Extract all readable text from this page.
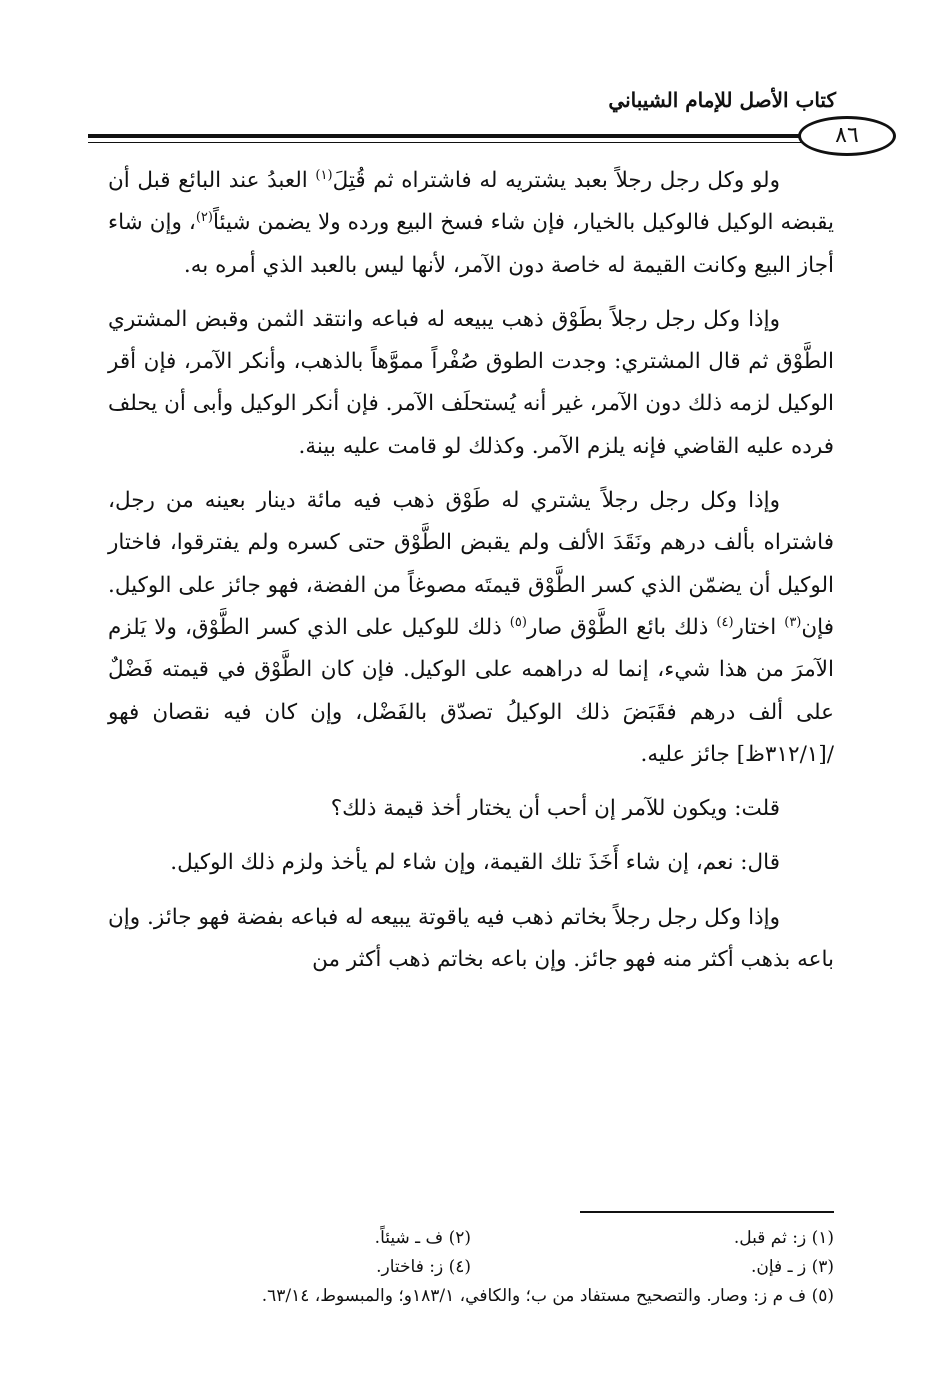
كتاب الأصل للإمام الشيباني
٨٦

ولو وكل رجل رجلاً بعبد يشتريه له فاشتراه ثم قُتِلَ$^{(١)}$ العبدُ عند البائع قبل أن يقبضه الوكيل فالوكيل بالخيار، فإن شاء فسخ البيع ورده ولا يضمن شيئاً$^{(٢)}$، وإن شاء أجاز البيع وكانت القيمة له خاصة دون الآمر، لأنها ليس بالعبد الذي أمره به.

وإذا وكل رجل رجلاً بطَوْق ذهب يبيعه له فباعه وانتقد الثمن وقبض المشتري الطَّوْق ثم قال المشتري: وجدت الطوق صُفْراً مموَّهاً بالذهب، وأنكر الآمر، فإن أقر الوكيل لزمه ذلك دون الآمر، غير أنه يُستحلَف الآمر. فإن أنكر الوكيل وأبى أن يحلف فرده عليه القاضي فإنه يلزم الآمر. وكذلك لو قامت عليه بينة.

وإذا وكل رجل رجلاً يشتري له طَوْق ذهب فيه مائة دينار بعينه من رجل، فاشتراه بألف درهم ونَقَدَ الألف ولم يقبض الطَّوْق حتى كسره ولم يفترقوا، فاختار الوكيل أن يضمّن الذي كسر الطَّوْق قيمتَه مصوغاً من الفضة، فهو جائز على الوكيل. فإن$^{(٣)}$ اختار$^{(٤)}$ ذلك بائع الطَّوْق صار$^{(٥)}$ ذلك للوكيل على الذي كسر الطَّوْق، ولا يَلزم الآمرَ من هذا شيء، إنما له دراهمه على الوكيل. فإن كان الطَّوْق في قيمته فَضْلٌ على ألف درهم فقَبَضَ ذلك الوكيلُ تصدّق بالفَضْل، وإن كان فيه نقصان فهو /[٣١٢/١ظ] جائز عليه.

قلت: ويكون للآمر إن أحب أن يختار أخذ قيمة ذلك؟

قال: نعم، إن شاء أَخَذَ تلك القيمة، وإن شاء لم يأخذ ولزم ذلك الوكيل.

وإذا وكل رجل رجلاً بخاتم ذهب فيه ياقوتة يبيعه له فباعه بفضة فهو جائز. وإن باعه بذهب أكثر منه فهو جائز. وإن باعه بخاتم ذهب أكثر من

(١) ز: ثم قبل.
(٢) ف ـ شيئاً.
(٣) ز ـ فإن.
(٤) ز: فاختار.
(٥) ف م ز: وصار. والتصحيح مستفاد من ب؛ والكافي، ١٨٣/١و؛ والمبسوط، ٦٣/١٤.
